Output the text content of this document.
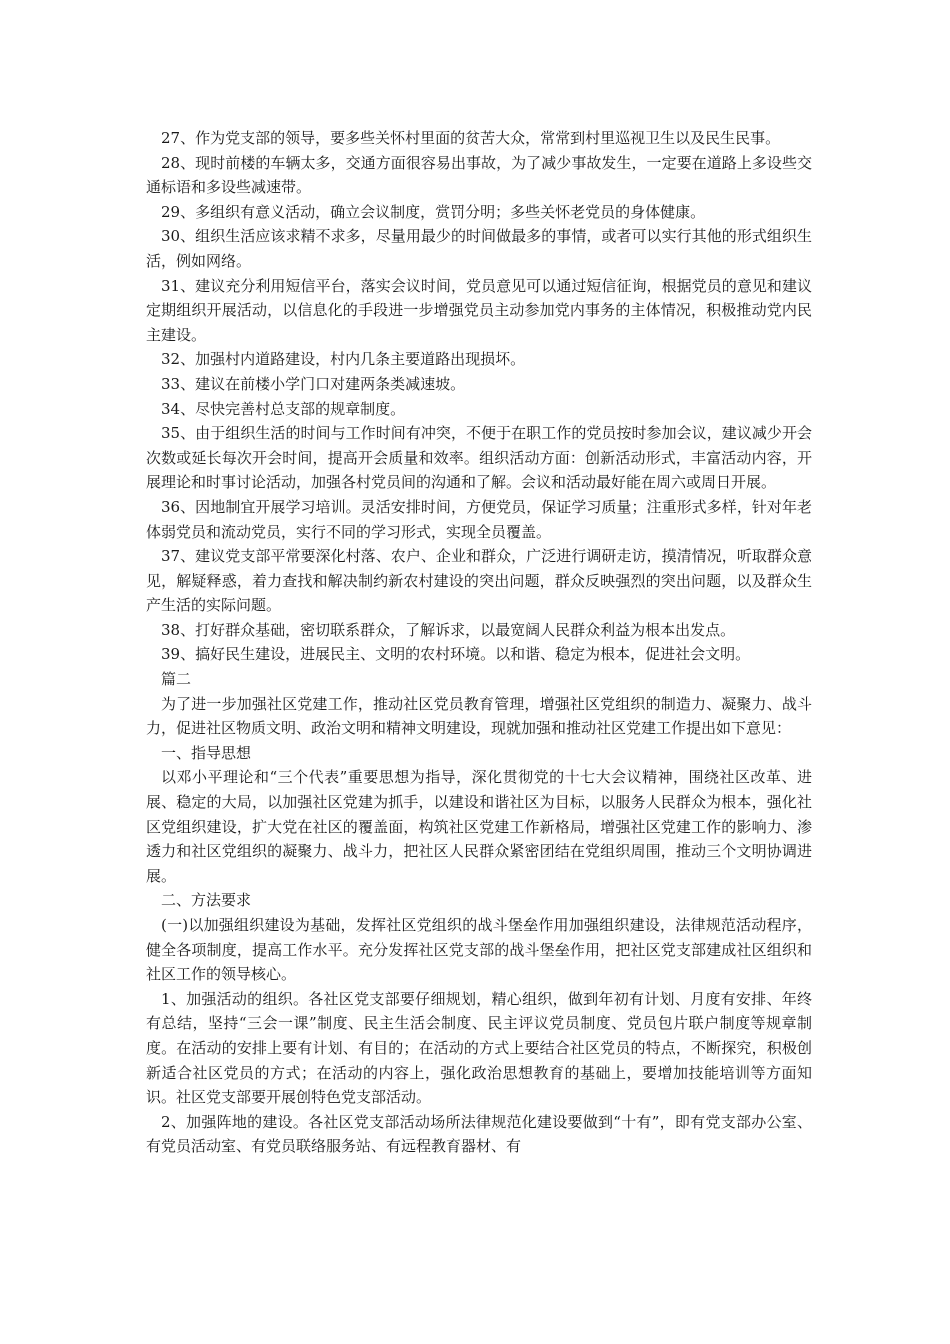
27、作为党支部的领导，要多些关怀村里面的贫苦大众，常常到村里巡视卫生以及民生民事。

28、现时前楼的车辆太多，交通方面很容易出事故，为了减少事故发生，一定要在道路上多设些交通标语和多设些减速带。

29、多组织有意义活动，确立会议制度，赏罚分明；多些关怀老党员的身体健康。

30、组织生活应该求精不求多，尽量用最少的时间做最多的事情，或者可以实行其他的形式组织生活，例如网络。

31、建议充分利用短信平台，落实会议时间，党员意见可以通过短信征询，根据党员的意见和建议定期组织开展活动，以信息化的手段进一步增强党员主动参加党内事务的主体情况，积极推动党内民主建设。

32、加强村内道路建设，村内几条主要道路出现损坏。

33、建议在前楼小学门口对建两条类减速坡。

34、尽快完善村总支部的规章制度。

35、由于组织生活的时间与工作时间有冲突，不便于在职工作的党员按时参加会议，建议减少开会次数或延长每次开会时间，提高开会质量和效率。组织活动方面：创新活动形式，丰富活动内容，开展理论和时事讨论活动，加强各村党员间的沟通和了解。会议和活动最好能在周六或周日开展。

36、因地制宜开展学习培训。灵活安排时间，方便党员，保证学习质量；注重形式多样，针对年老体弱党员和流动党员，实行不同的学习形式，实现全员覆盖。

37、建议党支部平常要深化村落、农户、企业和群众，广泛进行调研走访，摸清情况，听取群众意见，解疑释惑，着力查找和解决制约新农村建设的突出问题，群众反映强烈的突出问题，以及群众生产生活的实际问题。

38、打好群众基础，密切联系群众，了解诉求，以最宽阔人民群众利益为根本出发点。

39、搞好民生建设，进展民主、文明的农村环境。以和谐、稳定为根本，促进社会文明。

篇二

为了进一步加强社区党建工作，推动社区党员教育管理，增强社区党组织的制造力、凝聚力、战斗力，促进社区物质文明、政治文明和精神文明建设，现就加强和推动社区党建工作提出如下意见：

一、指导思想

以邓小平理论和“三个代表”重要思想为指导，深化贯彻党的十七大会议精神，围绕社区改革、进展、稳定的大局，以加强社区党建为抓手，以建设和谐社区为目标，以服务人民群众为根本，强化社区党组织建设，扩大党在社区的覆盖面，构筑社区党建工作新格局，增强社区党建工作的影响力、渗透力和社区党组织的凝聚力、战斗力，把社区人民群众紧密团结在党组织周围，推动三个文明协调进展。

二、方法要求

(一)以加强组织建设为基础，发挥社区党组织的战斗堡垒作用加强组织建设，法律规范活动程序，健全各项制度，提高工作水平。充分发挥社区党支部的战斗堡垒作用，把社区党支部建成社区组织和社区工作的领导核心。

1、加强活动的组织。各社区党支部要仔细规划，精心组织，做到年初有计划、月度有安排、年终有总结，坚持“三会一课”制度、民主生活会制度、民主评议党员制度、党员包片联户制度等规章制度。在活动的安排上要有计划、有目的；在活动的方式上要结合社区党员的特点，不断探究，积极创新适合社区党员的方式；在活动的内容上，强化政治思想教育的基础上，要增加技能培训等方面知识。社区党支部要开展创特色党支部活动。

2、加强阵地的建设。各社区党支部活动场所法律规范化建设要做到“十有”，即有党支部办公室、有党员活动室、有党员联络服务站、有远程教育器材、有
